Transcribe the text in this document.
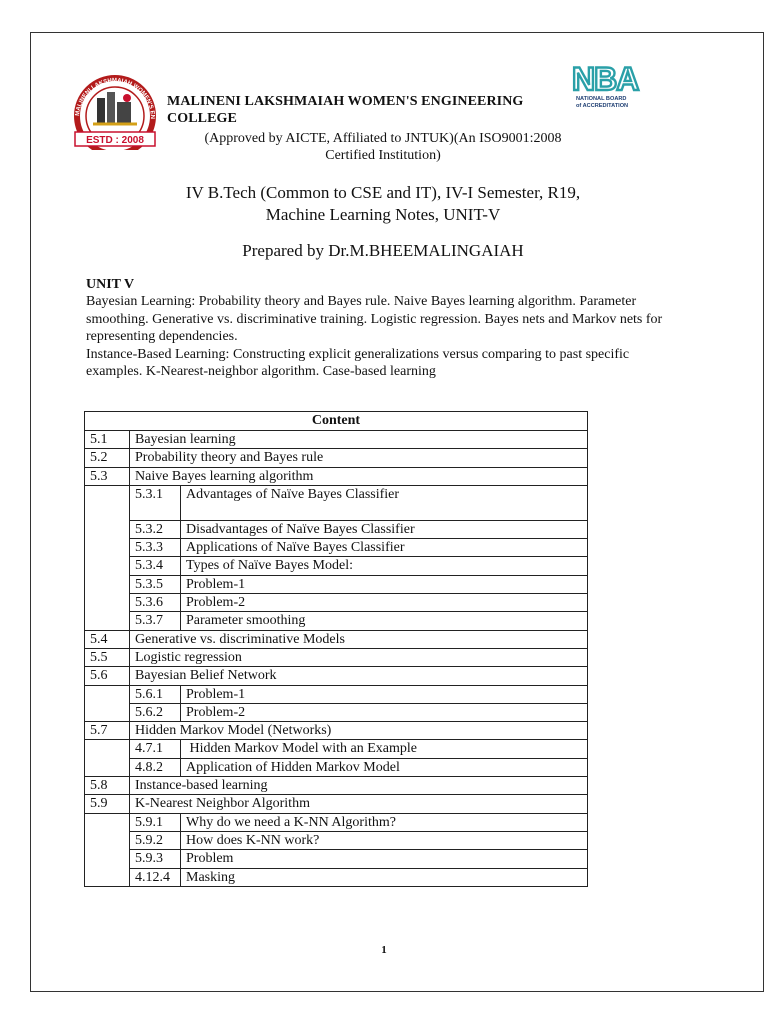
MALINENI LAKSHMAIAH WOMEN'S EN
ESTD : 2008
NBA
NATIONAL BOARD
of ACCREDITATION
MALINENI LAKSHMAIAH WOMEN'S ENGINEERING COLLEGE
(Approved by AICTE, Affiliated to JNTUK)(An ISO9001:2008 Certified Institution)
IV B.Tech (Common to CSE and IT), IV-I Semester, R19,
Machine Learning Notes, UNIT-V
Prepared by Dr.M.BHEEMALINGAIAH
UNIT V

Bayesian Learning: Probability theory and Bayes rule. Naive Bayes learning algorithm. Parameter smoothing. Generative vs. discriminative training. Logistic regression. Bayes nets and Markov nets for representing dependencies.

Instance-Based Learning: Constructing explicit generalizations versus comparing to past specific examples. K-Nearest-neighbor algorithm. Case-based learning

Content		
5.1	Bayesian learning	
5.2	Probability theory and Bayes rule	
5.3	Naive Bayes learning algorithm	
	5.3.1	Advantages of Naïve Bayes Classifier
	5.3.2	Disadvantages of Naïve Bayes Classifier
	5.3.3	Applications of Naïve Bayes Classifier
	5.3.4	Types of Naïve Bayes Model:
	5.3.5	Problem-1
	5.3.6	Problem-2
	5.3.7	Parameter smoothing
5.4	Generative vs. discriminative Models	
5.5	Logistic regression	
5.6	Bayesian Belief Network	
	5.6.1	Problem-1
	5.6.2	Problem-2
5.7	Hidden Markov Model (Networks)	
	4.7.1	Hidden Markov Model with an Example
	4.8.2	Application of Hidden Markov Model
5.8	Instance-based learning	
5.9	K-Nearest Neighbor Algorithm	
	5.9.1	Why do we need a K-NN Algorithm?
	5.9.2	How does K-NN work?
	5.9.3	Problem
	4.12.4	Masking
1
